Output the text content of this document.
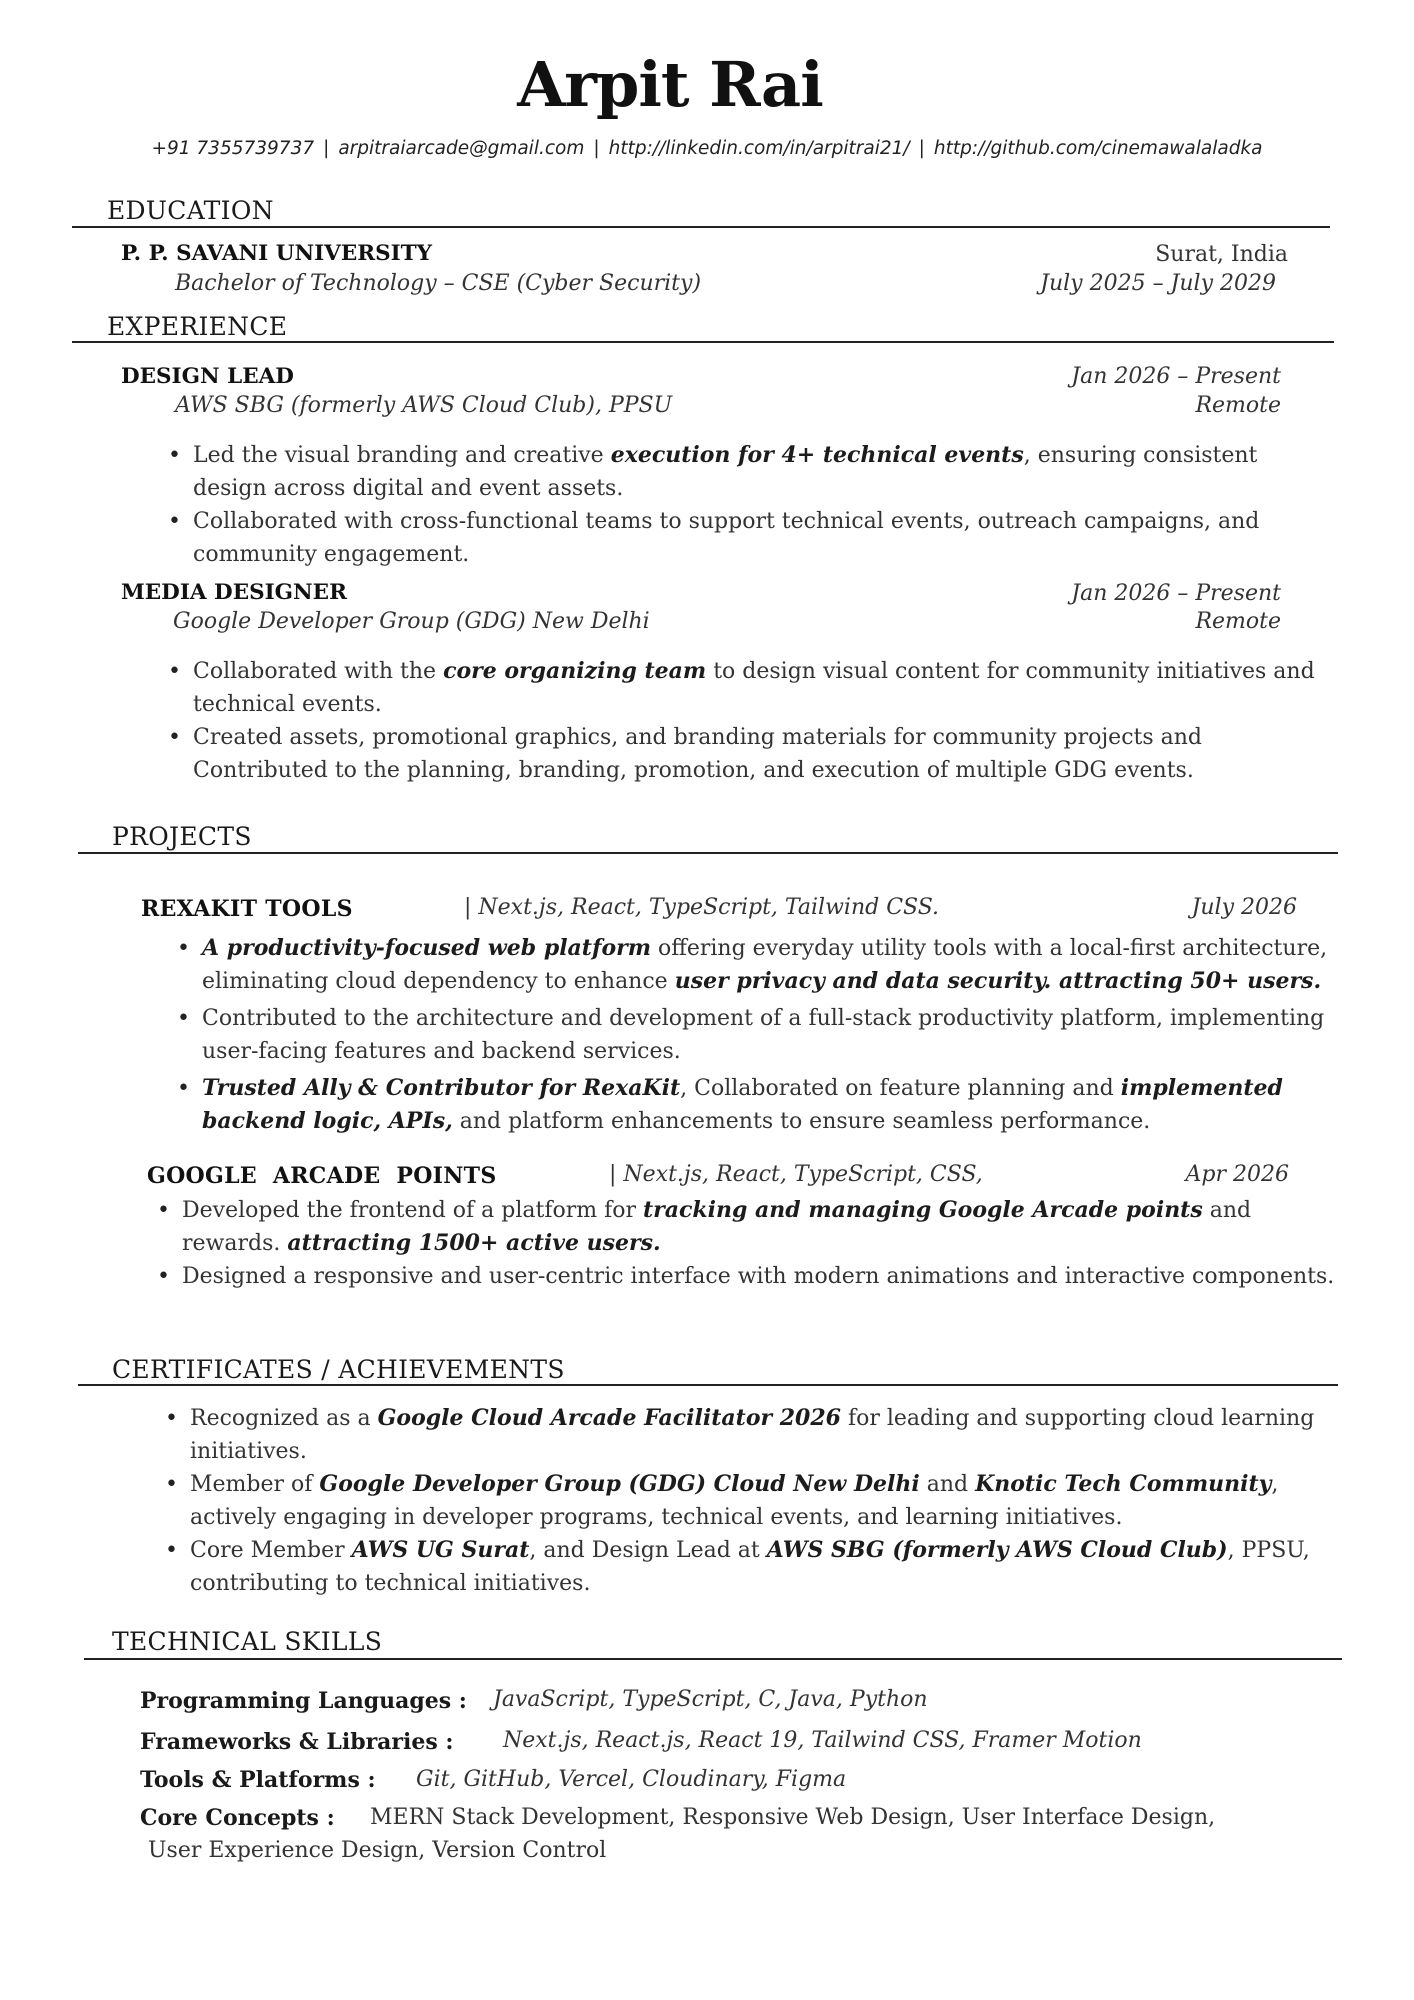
Arpit Rai
+91 7355739737 | arpitraiarcade@gmail.com | http://linkedin.com/in/arpitrai21/ | http://github.com/cinemawalaladka
EDUCATION
P. P. SAVANI UNIVERSITY	Surat, India
Bachelor of Technology – CSE (Cyber Security)	July 2025 – July 2029
EXPERIENCE
DESIGN LEAD	Jan 2026 – Present
AWS SBG (formerly AWS Cloud Club), PPSU	Remote
• Led the visual branding and creative execution for 4+ technical events, ensuring consistent design across digital and event assets.
• Collaborated with cross-functional teams to support technical events, outreach campaigns, and community engagement.
MEDIA DESIGNER	Jan 2026 – Present
Google Developer Group (GDG) New Delhi	Remote
• Collaborated with the core organizing team to design visual content for community initiatives and technical events.
• Created assets, promotional graphics, and branding materials for community projects and Contributed to the planning, branding, promotion, and execution of multiple GDG events.
PROJECTS
REXAKIT TOOLS	| Next.js, React, TypeScript, Tailwind CSS.	July 2026
• A productivity-focused web platform offering everyday utility tools with a local-first architecture, eliminating cloud dependency to enhance user privacy and data security. attracting 50+ users.
• Contributed to the architecture and development of a full-stack productivity platform, implementing user-facing features and backend services.
• Trusted Ally & Contributor for RexaKit, Collaborated on feature planning and implemented backend logic, APIs, and platform enhancements to ensure seamless performance.
GOOGLE  ARCADE  POINTS	| Next.js, React, TypeScript, CSS,	Apr 2026
• Developed the frontend of a platform for tracking and managing Google Arcade points and rewards. attracting 1500+ active users.
• Designed a responsive and user-centric interface with modern animations and interactive components.
CERTIFICATES / ACHIEVEMENTS
• Recognized as a Google Cloud Arcade Facilitator 2026 for leading and supporting cloud learning initiatives.
• Member of Google Developer Group (GDG) Cloud New Delhi and Knotic Tech Community, actively engaging in developer programs, technical events, and learning initiatives.
• Core Member AWS UG Surat, and Design Lead at AWS SBG (formerly AWS Cloud Club), PPSU, contributing to technical initiatives.
TECHNICAL SKILLS
Programming Languages : JavaScript, TypeScript, C, Java, Python
Frameworks & Libraries : Next.js, React.js, React 19, Tailwind CSS, Framer Motion
Tools & Platforms : Git, GitHub, Vercel, Cloudinary, Figma
Core Concepts : MERN Stack Development, Responsive Web Design, User Interface Design,
User Experience Design, Version Control
